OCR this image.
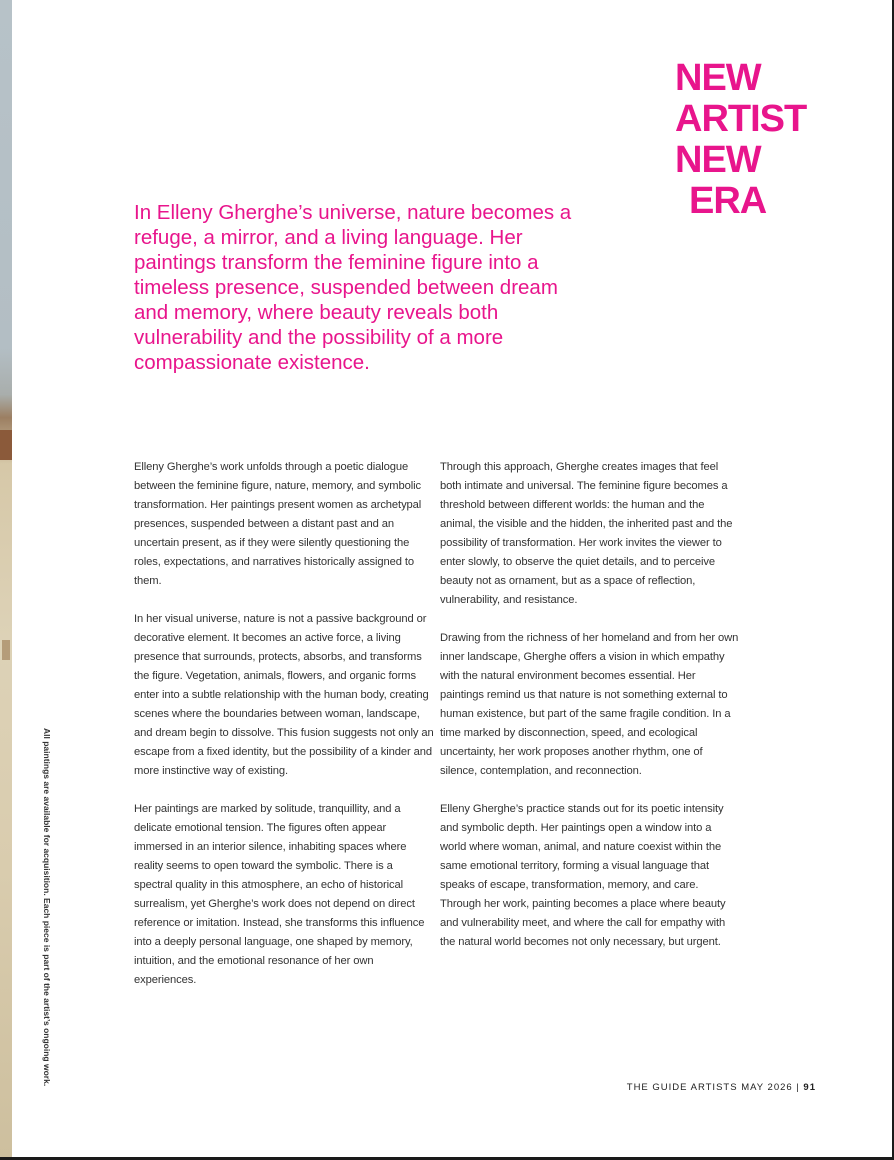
NEW
ARTIST
NEW
ERA
In Elleny Gherghe’s universe, nature becomes a refuge, a mirror, and a living language. Her paintings transform the feminine figure into a timeless presence, suspended between dream and memory, where beauty reveals both vulnerability and the possibility of a more compassionate existence.

Elleny Gherghe’s work unfolds through a poetic dialogue between the feminine figure, nature, memory, and symbolic transformation. Her paintings present women as archetypal presences, suspended between a distant past and an uncertain present, as if they were silently questioning the roles, expectations, and narratives historically assigned to them.

In her visual universe, nature is not a passive background or decorative element. It becomes an active force, a living presence that surrounds, protects, absorbs, and transforms the figure. Vegetation, animals, flowers, and organic forms enter into a subtle relationship with the human body, creating scenes where the boundaries between woman, landscape, and dream begin to dissolve. This fusion suggests not only an escape from a fixed identity, but the possibility of a kinder and more instinctive way of existing.

Her paintings are marked by solitude, tranquillity, and a delicate emotional tension. The figures often appear immersed in an interior silence, inhabiting spaces where reality seems to open toward the symbolic. There is a spectral quality in this atmosphere, an echo of historical surrealism, yet Gherghe’s work does not depend on direct reference or imitation. Instead, she transforms this influence into a deeply personal language, one shaped by memory, intuition, and the emotional resonance of her own experiences.

Through this approach, Gherghe creates images that feel both intimate and universal. The feminine figure becomes a threshold between different worlds: the human and the animal, the visible and the hidden, the inherited past and the possibility of transformation. Her work invites the viewer to enter slowly, to observe the quiet details, and to perceive beauty not as ornament, but as a space of reflection, vulnerability, and resistance.

Drawing from the richness of her homeland and from her own inner landscape, Gherghe offers a vision in which empathy with the natural environment becomes essential. Her paintings remind us that nature is not something external to human existence, but part of the same fragile condition. In a time marked by disconnection, speed, and ecological uncertainty, her work proposes another rhythm, one of silence, contemplation, and reconnection.

Elleny Gherghe’s practice stands out for its poetic intensity and symbolic depth. Her paintings open a window into a world where woman, animal, and nature coexist within the same emotional territory, forming a visual language that speaks of escape, transformation, memory, and care. Through her work, painting becomes a place where beauty and vulnerability meet, and where the call for empathy with the natural world becomes not only necessary, but urgent.

All paintings are available for acquisition. Each piece is part of the artist’s ongoing work.
THE GUIDE ARTISTS MAY 2026 | 91
